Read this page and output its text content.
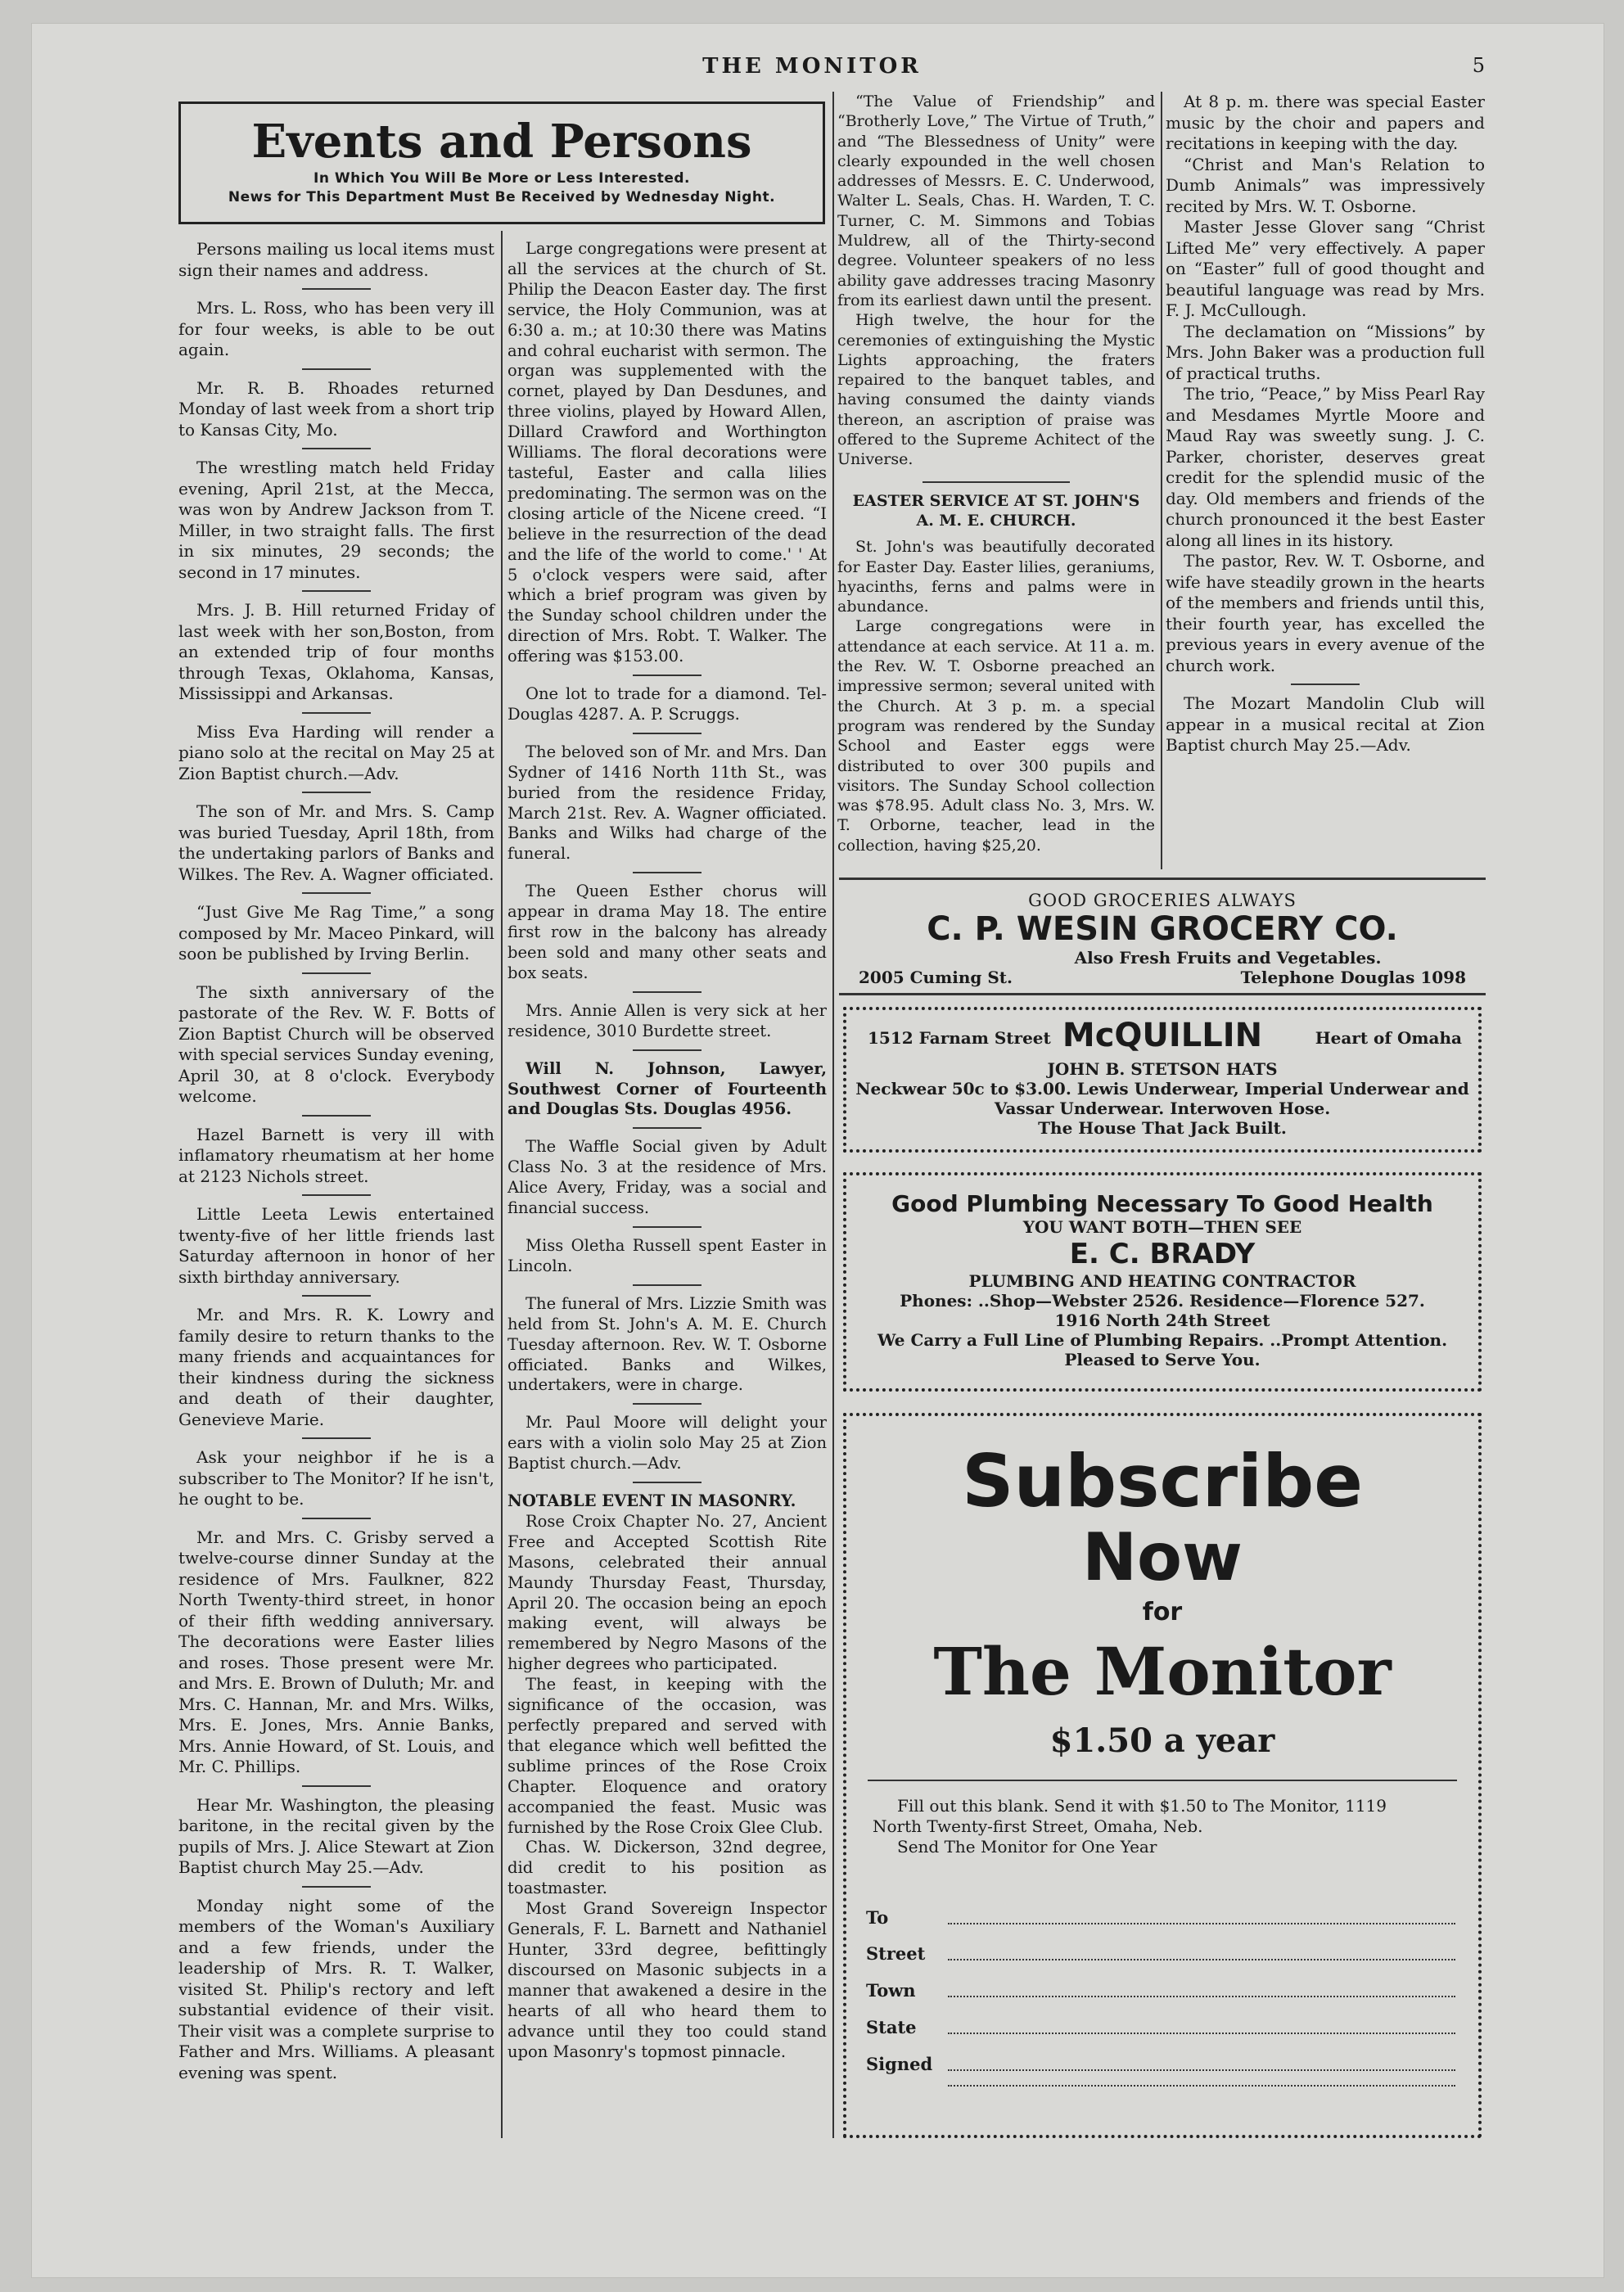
THE MONITOR	5
Events and Persons
In Which You Will Be More or Less Interested.
News for This Department Must Be Received by Wednesday Night.

Persons mailing us local items must sign their names and address.

Mrs. L. Ross, who has been very ill for four weeks, is able to be out again.

Mr. R. B. Rhoades returned Monday of last week from a short trip to Kansas City, Mo.

The wrestling match held Friday evening, April 21st, at the Mecca, was won by Andrew Jackson from T. Miller, in two straight falls. The first in six minutes, 29 seconds; the second in 17 minutes.

Mrs. J. B. Hill returned Friday of last week with her son,Boston, from an extended trip of four months through Texas, Oklahoma, Kansas, Mississippi and Arkansas.

Miss Eva Harding will render a piano solo at the recital on May 25 at Zion Baptist church.—Adv.

The son of Mr. and Mrs. S. Camp was buried Tuesday, April 18th, from the undertaking parlors of Banks and Wilkes. The Rev. A. Wagner officiated.

“Just Give Me Rag Time,” a song composed by Mr. Maceo Pinkard, will soon be published by Irving Berlin.

The sixth anniversary of the pastorate of the Rev. W. F. Botts of Zion Baptist Church will be observed with special services Sunday evening, April 30, at 8 o'clock. Everybody welcome.

Hazel Barnett is very ill with inflamatory rheumatism at her home at 2123 Nichols street.

Little Leeta Lewis entertained twenty-five of her little friends last Saturday afternoon in honor of her sixth birthday anniversary.

Mr. and Mrs. R. K. Lowry and family desire to return thanks to the many friends and acquaintances for their kindness during the sickness and death of their daughter, Genevieve Marie.

Ask your neighbor if he is a subscriber to The Monitor? If he isn't, he ought to be.

Mr. and Mrs. C. Grisby served a twelve-course dinner Sunday at the residence of Mrs. Faulkner, 822 North Twenty-third street, in honor of their fifth wedding anniversary. The decorations were Easter lilies and roses. Those present were Mr. and Mrs. E. Brown of Duluth; Mr. and Mrs. C. Hannan, Mr. and Mrs. Wilks, Mrs. E. Jones, Mrs. Annie Banks, Mrs. Annie Howard, of St. Louis, and Mr. C. Phillips.

Hear Mr. Washington, the pleasing baritone, in the recital given by the pupils of Mrs. J. Alice Stewart at Zion Baptist church May 25.—Adv.

Monday night some of the members of the Woman's Auxiliary and a few friends, under the leadership of Mrs. R. T. Walker, visited St. Philip's rectory and left substantial evidence of their visit. Their visit was a complete surprise to Father and Mrs. Williams. A pleasant evening was spent.

Large congregations were present at all the services at the church of St. Philip the Deacon Easter day. The first service, the Holy Communion, was at 6:30 a. m.; at 10:30 there was Matins and cohral eucharist with sermon. The organ was supplemented with the cornet, played by Dan Desdunes, and three violins, played by Howard Allen, Dillard Crawford and Worthington Williams. The floral decorations were tasteful, Easter and calla lilies predominating. The sermon was on the closing article of the Nicene creed. “I believe in the resurrection of the dead and the life of the world to come.' ' At 5 o'clock vespers were said, after which a brief program was given by the Sunday school children under the direction of Mrs. Robt. T. Walker. The offering was $153.00.

One lot to trade for a diamond. Tel- Douglas 4287. A. P. Scruggs.

The beloved son of Mr. and Mrs. Dan Sydner of 1416 North 11th St., was buried from the residence Friday, March 21st. Rev. A. Wagner officiated. Banks and Wilks had charge of the funeral.

The Queen Esther chorus will appear in drama May 18. The entire first row in the balcony has already been sold and many other seats and box seats.

Mrs. Annie Allen is very sick at her residence, 3010 Burdette street.

Will N. Johnson, Lawyer, Southwest Corner of Fourteenth and Douglas Sts. Douglas 4956.

The Waffle Social given by Adult Class No. 3 at the residence of Mrs. Alice Avery, Friday, was a social and financial success.

Miss Oletha Russell spent Easter in Lincoln.

The funeral of Mrs. Lizzie Smith was held from St. John's A. M. E. Church Tuesday afternoon. Rev. W. T. Osborne officiated. Banks and Wilkes, undertakers, were in charge.

Mr. Paul Moore will delight your ears with a violin solo May 25 at Zion Baptist church.—Adv.

NOTABLE EVENT IN MASONRY.

Rose Croix Chapter No. 27, Ancient Free and Accepted Scottish Rite Masons, celebrated their annual Maundy Thursday Feast, Thursday, April 20. The occasion being an epoch making event, will always be remembered by Negro Masons of the higher degrees who participated.

The feast, in keeping with the significance of the occasion, was perfectly prepared and served with that elegance which well befitted the sublime princes of the Rose Croix Chapter. Eloquence and oratory accompanied the feast. Music was furnished by the Rose Croix Glee Club.

Chas. W. Dickerson, 32nd degree, did credit to his position as toastmaster.

Most Grand Sovereign Inspector Generals, F. L. Barnett and Nathaniel Hunter, 33rd degree, befittingly discoursed on Masonic subjects in a manner that awakened a desire in the hearts of all who heard them to advance until they too could stand upon Masonry's topmost pinnacle.

“The Value of Friendship” and “Brotherly Love,” The Virtue of Truth,” and “The Blessedness of Unity” were clearly expounded in the well chosen addresses of Messrs. E. C. Underwood, Walter L. Seals, Chas. H. Warden, T. C. Turner, C. M. Simmons and Tobias Muldrew, all of the Thirty-second degree. Volunteer speakers of no less ability gave addresses tracing Masonry from its earliest dawn until the present.

High twelve, the hour for the ceremonies of extinguishing the Mystic Lights approaching, the fraters repaired to the banquet tables, and having consumed the dainty viands thereon, an ascription of praise was offered to the Supreme Achitect of the Universe.

EASTER SERVICE AT ST. JOHN'S

A. M. E. CHURCH.

St. John's was beautifully decorated for Easter Day. Easter lilies, geraniums, hyacinths, ferns and palms were in abundance.

Large congregations were in attendance at each service. At 11 a. m. the Rev. W. T. Osborne preached an impressive sermon; several united with the Church. At 3 p. m. a special program was rendered by the Sunday School and Easter eggs were distributed to over 300 pupils and visitors. The Sunday School collection was $78.95. Adult class No. 3, Mrs. W. T. Orborne, teacher, lead in the collection, having $25,20.

At 8 p. m. there was special Easter music by the choir and papers and recitations in keeping with the day.

“Christ and Man's Relation to Dumb Animals” was impressively recited by Mrs. W. T. Osborne.

Master Jesse Glover sang “Christ Lifted Me” very effectively. A paper on “Easter” full of good thought and beautiful language was read by Mrs. F. J. McCullough.

The declamation on “Missions” by Mrs. John Baker was a production full of practical truths.

The trio, “Peace,” by Miss Pearl Ray and Mesdames Myrtle Moore and Maud Ray was sweetly sung. J. C. Parker, chorister, deserves great credit for the splendid music of the day. Old members and friends of the church pronounced it the best Easter along all lines in its history.

The pastor, Rev. W. T. Osborne, and wife have steadily grown in the hearts of the members and friends until this, their fourth year, has excelled the previous years in every avenue of the church work.

The Mozart Mandolin Club will appear in a musical recital at Zion Baptist church May 25.—Adv.

GOOD GROCERIES ALWAYS
C. P. WESIN GROCERY CO.
Also Fresh Fruits and Vegetables.
2005 Cuming St.	Telephone Douglas 1098
1512 Farnam Street McQUILLIN	Heart of Omaha
JOHN B. STETSON HATS
Neckwear 50c to $3.00. Lewis Underwear, Imperial Underwear and
Vassar Underwear. Interwoven Hose.
The House That Jack Built.
Good Plumbing Necessary To Good Health
YOU WANT BOTH—THEN SEE
E. C. BRADY
PLUMBING AND HEATING CONTRACTOR
Phones: ..Shop—Webster 2526. Residence—Florence 527.
1916 North 24th Street
We Carry a Full Line of Plumbing Repairs. ..Prompt Attention.
Pleased to Serve You.
Subscribe
Now
for
The Monitor
$1.50 a year
Fill out this blank. Send it with $1.50 to The Monitor, 1119
North Twenty-first Street, Omaha, Neb.
Send The Monitor for One Year
To
Street
Town
State
Signed
